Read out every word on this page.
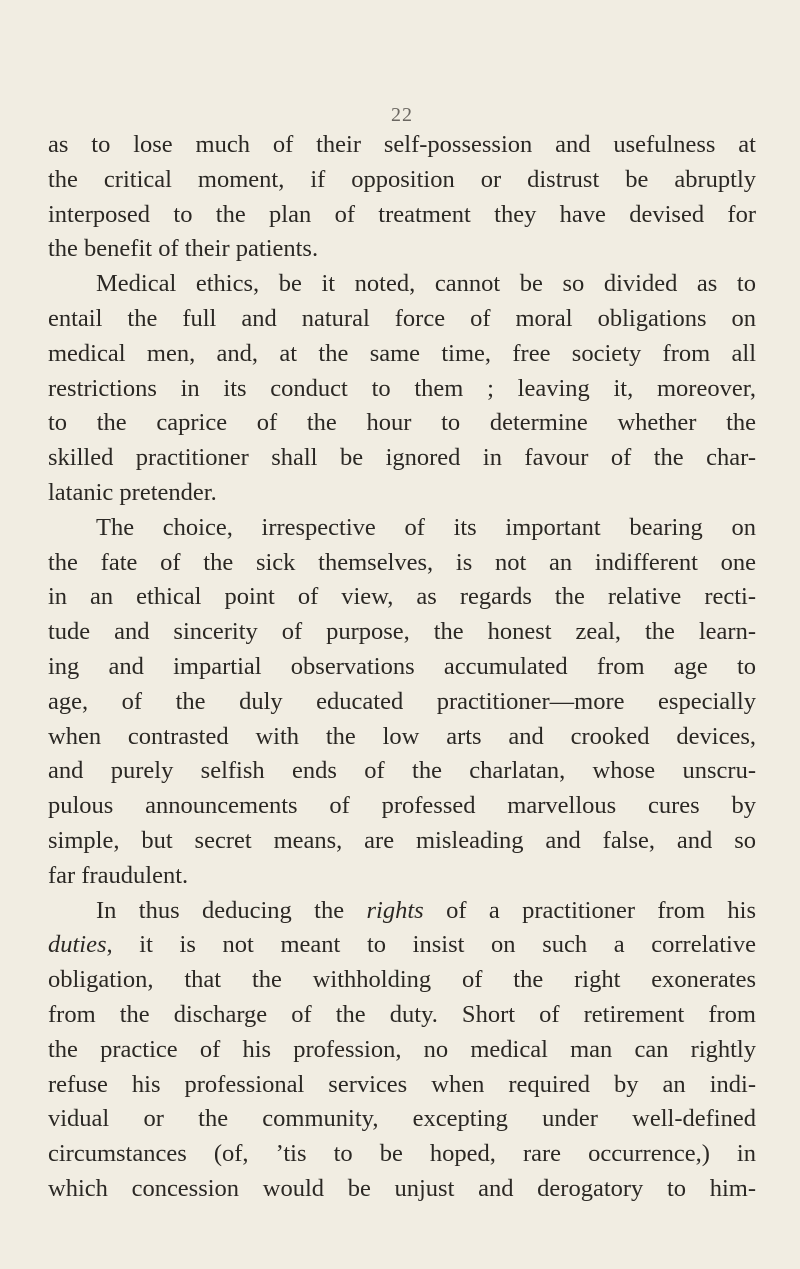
22
as to lose much of their self-possession and usefulness at
the critical moment, if opposition or distrust be abruptly
interposed to the plan of treatment they have devised for
the benefit of their patients.
Medical ethics, be it noted, cannot be so divided as to
entail the full and natural force of moral obligations on
medical men, and, at the same time, free society from all
restrictions in its conduct to them ; leaving it, moreover,
to the caprice of the hour to determine whether the
skilled practitioner shall be ignored in favour of the char-
latanic pretender.
The choice, irrespective of its important bearing on
the fate of the sick themselves, is not an indifferent one
in an ethical point of view, as regards the relative recti-
tude and sincerity of purpose, the honest zeal, the learn-
ing and impartial observations accumulated from age to
age, of the duly educated practitioner—more especially
when contrasted with the low arts and crooked devices,
and purely selfish ends of the charlatan, whose unscru-
pulous announcements of professed marvellous cures by
simple, but secret means, are misleading and false, and so
far fraudulent.
In thus deducing the rights of a practitioner from his
duties, it is not meant to insist on such a correlative
obligation, that the withholding of the right exonerates
from the discharge of the duty. Short of retirement from
the practice of his profession, no medical man can rightly
refuse his professional services when required by an indi-
vidual or the community, excepting under well-defined
circumstances (of, ’tis to be hoped, rare occurrence,) in
which concession would be unjust and derogatory to him-
